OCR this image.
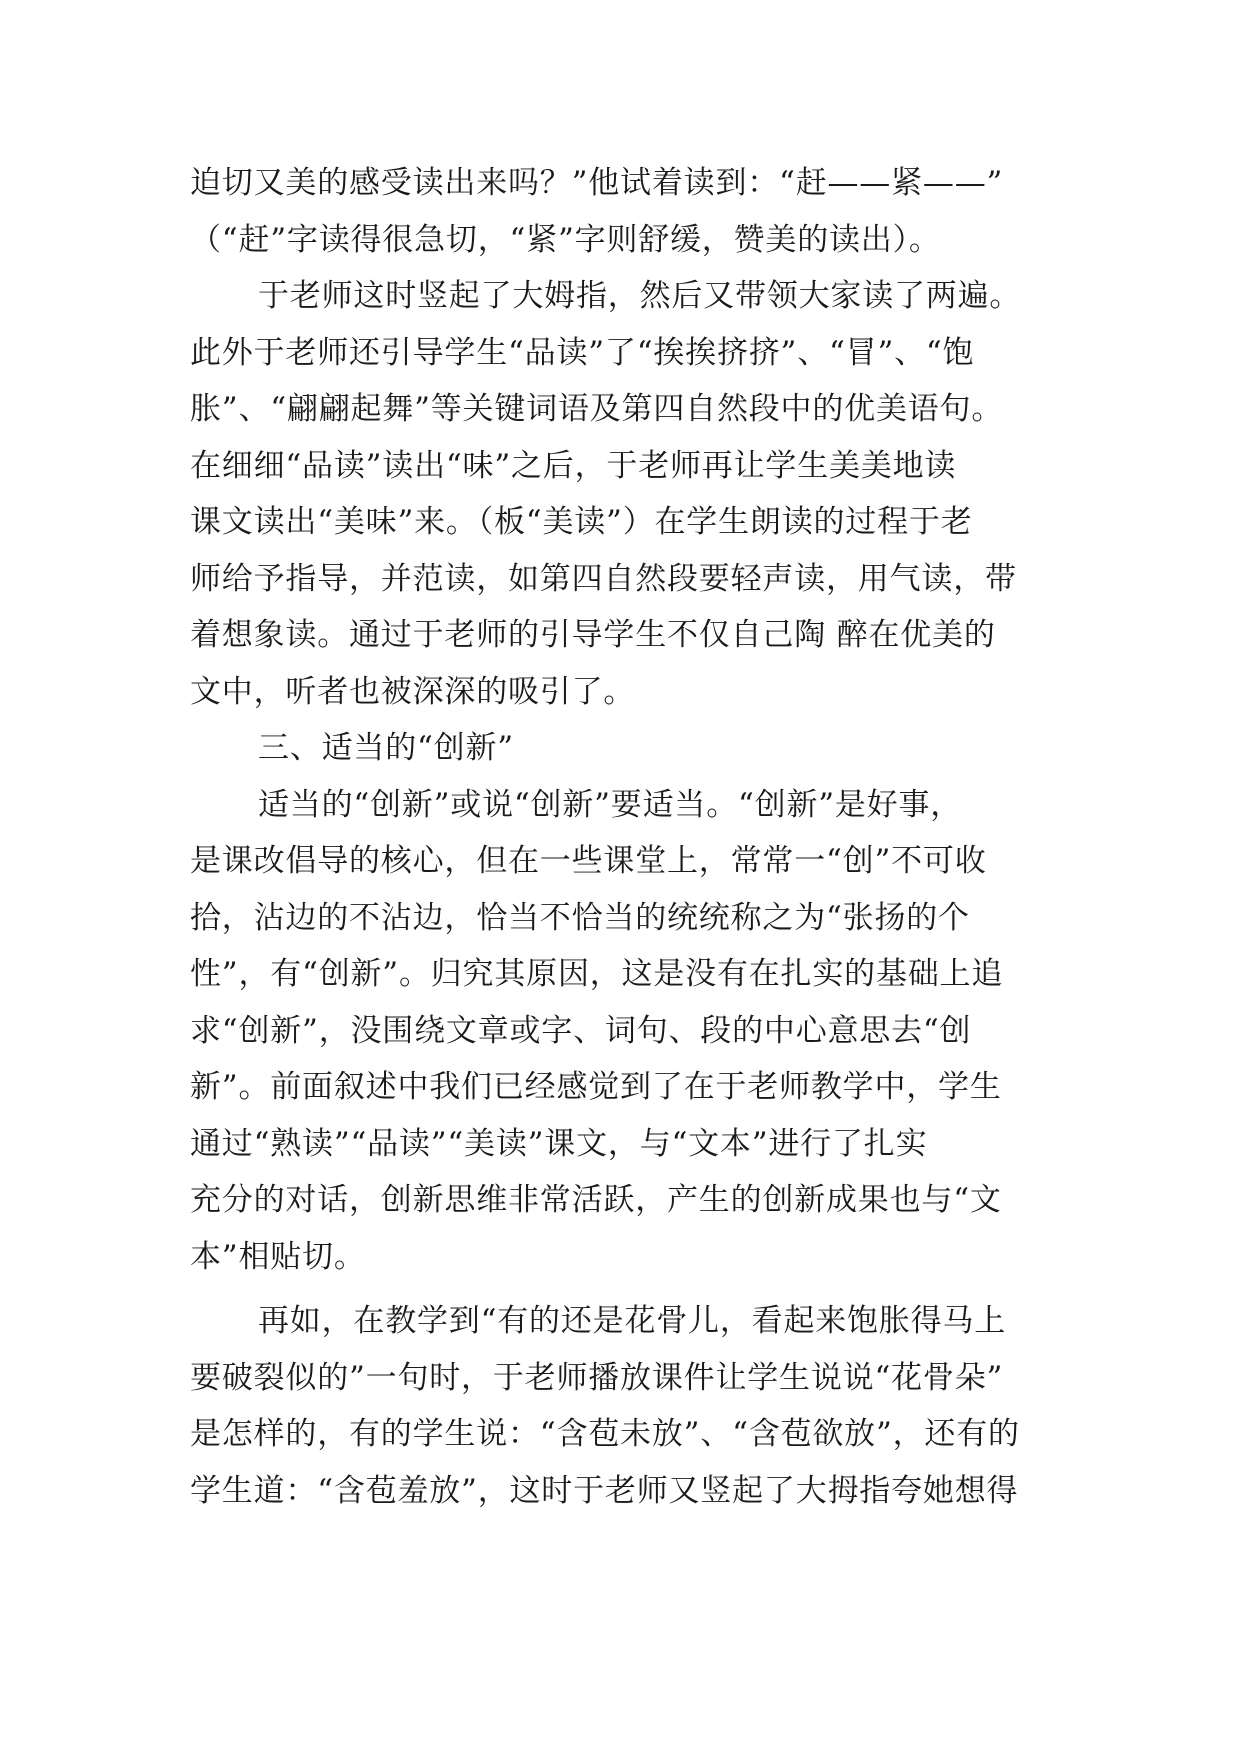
迫切又美的感受读出来吗？”他试着读到：“赶——紧——”
（“赶”字读得很急切，“紧”字则舒缓，赞美的读出）。
于老师这时竖起了大姆指，然后又带领大家读了两遍。
此外于老师还引导学生“品读”了“挨挨挤挤”、“冒”、“饱
胀”、“翩翩起舞”等关键词语及第四自然段中的优美语句。
在细细“品读”读出“味”之后，于老师再让学生美美地读
课文读出“美味”来。（板“美读”）在学生朗读的过程于老
师给予指导，并范读，如第四自然段要轻声读，用气读，带
着想象读。通过于老师的引导学生不仅自己陶 醉在优美的
文中，听者也被深深的吸引了。
三、适当的“创新”
适当的“创新”或说“创新”要适当。“创新”是好事，
是课改倡导的核心，但在一些课堂上，常常一“创”不可收
拾，沾边的不沾边，恰当不恰当的统统称之为“张扬的个
性”，有“创新”。归究其原因，这是没有在扎实的基础上追
求“创新”，没围绕文章或字、词句、段的中心意思去“创
新”。前面叙述中我们已经感觉到了在于老师教学中，学生
通过“熟读”“品读”“美读”课文，与“文本”进行了扎实
充分的对话，创新思维非常活跃，产生的创新成果也与“文
本”相贴切。
再如，在教学到“有的还是花骨儿，看起来饱胀得马上
要破裂似的”一句时，于老师播放课件让学生说说“花骨朵”
是怎样的，有的学生说：“含苞未放”、“含苞欲放”，还有的
学生道：“含苞羞放”，这时于老师又竖起了大拇指夸她想得
